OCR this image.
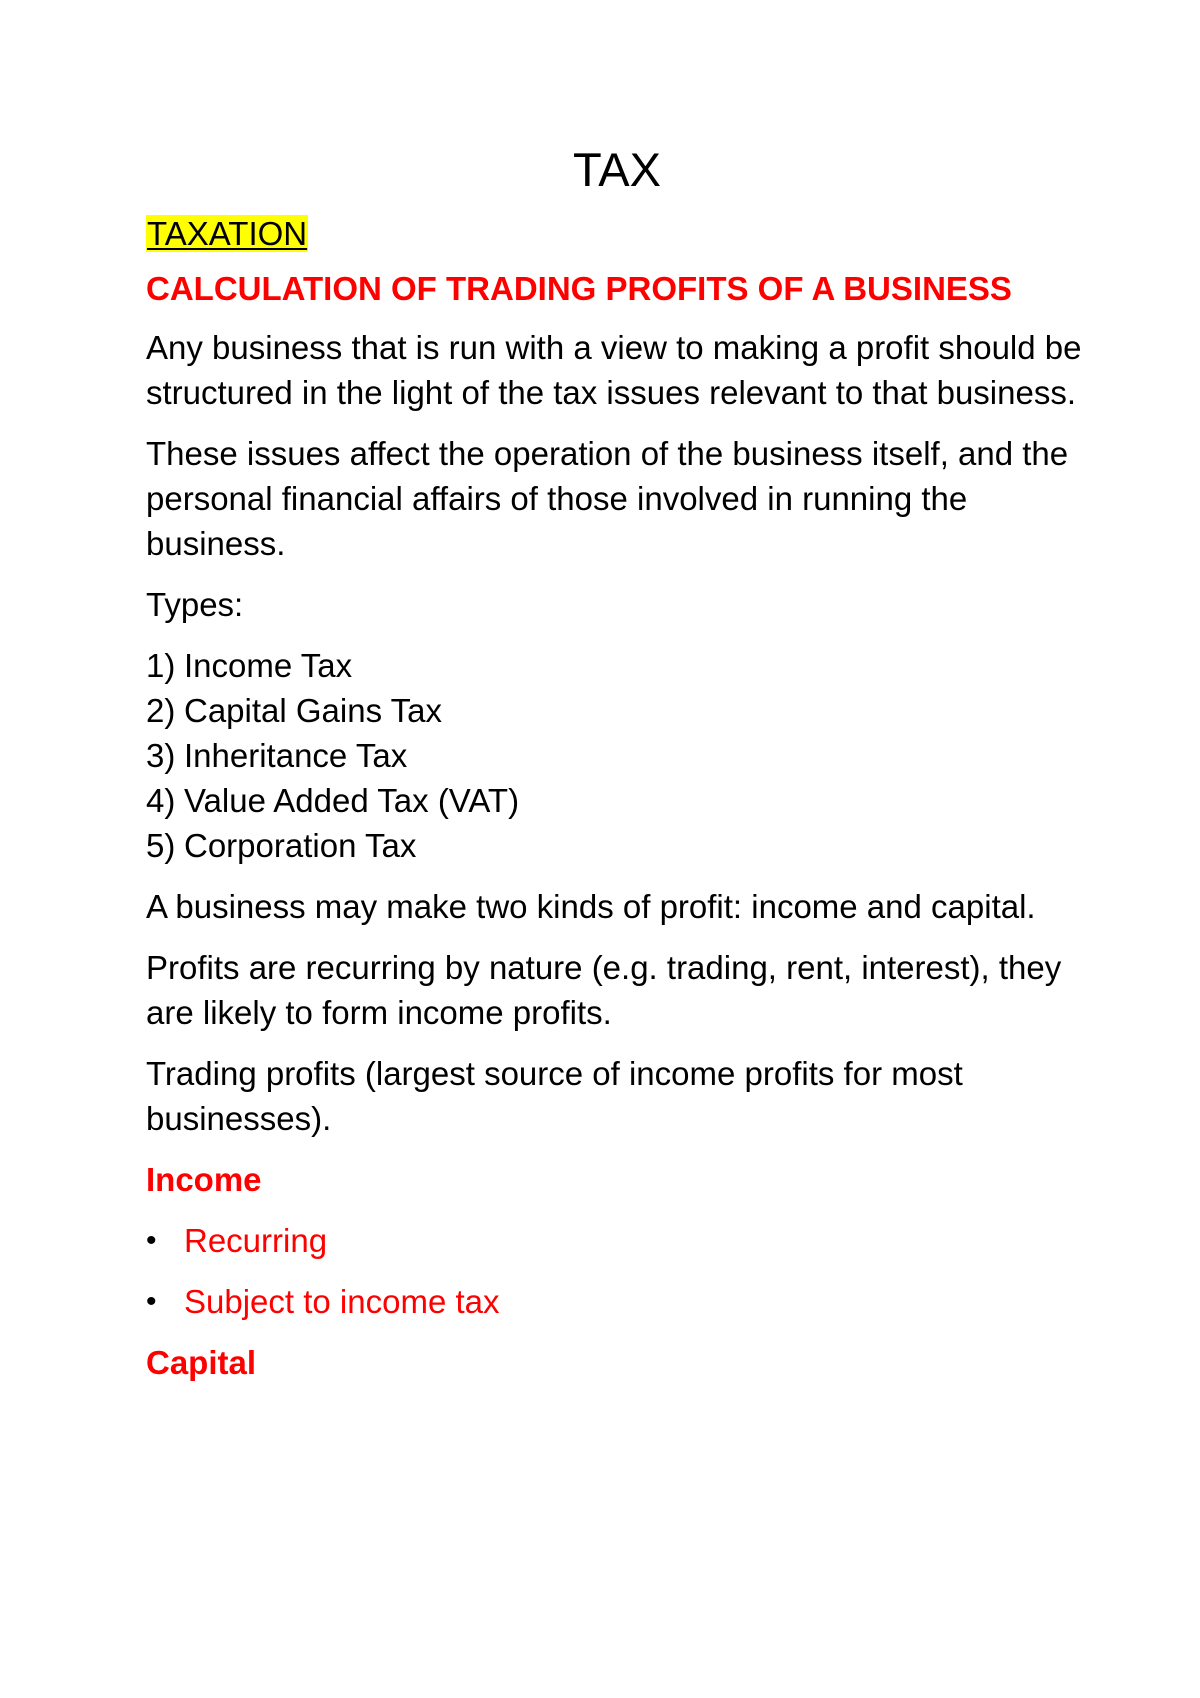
TAX
TAXATION
CALCULATION OF TRADING PROFITS OF A BUSINESS

Any business that is run with a view to making a profit should be structured in the light of the tax issues relevant to that business.

These issues affect the operation of the business itself, and the personal financial affairs of those involved in running the business.

Types:

1) Income Tax
2) Capital Gains Tax
3) Inheritance Tax
4) Value Added Tax (VAT)
5) Corporation Tax

A business may make two kinds of profit: income and capital.

Profits are recurring by nature (e.g. trading, rent, interest), they are likely to form income profits.

Trading profits (largest source of income profits for most businesses).

Income
• Recurring
• Subject to income tax
Capital
